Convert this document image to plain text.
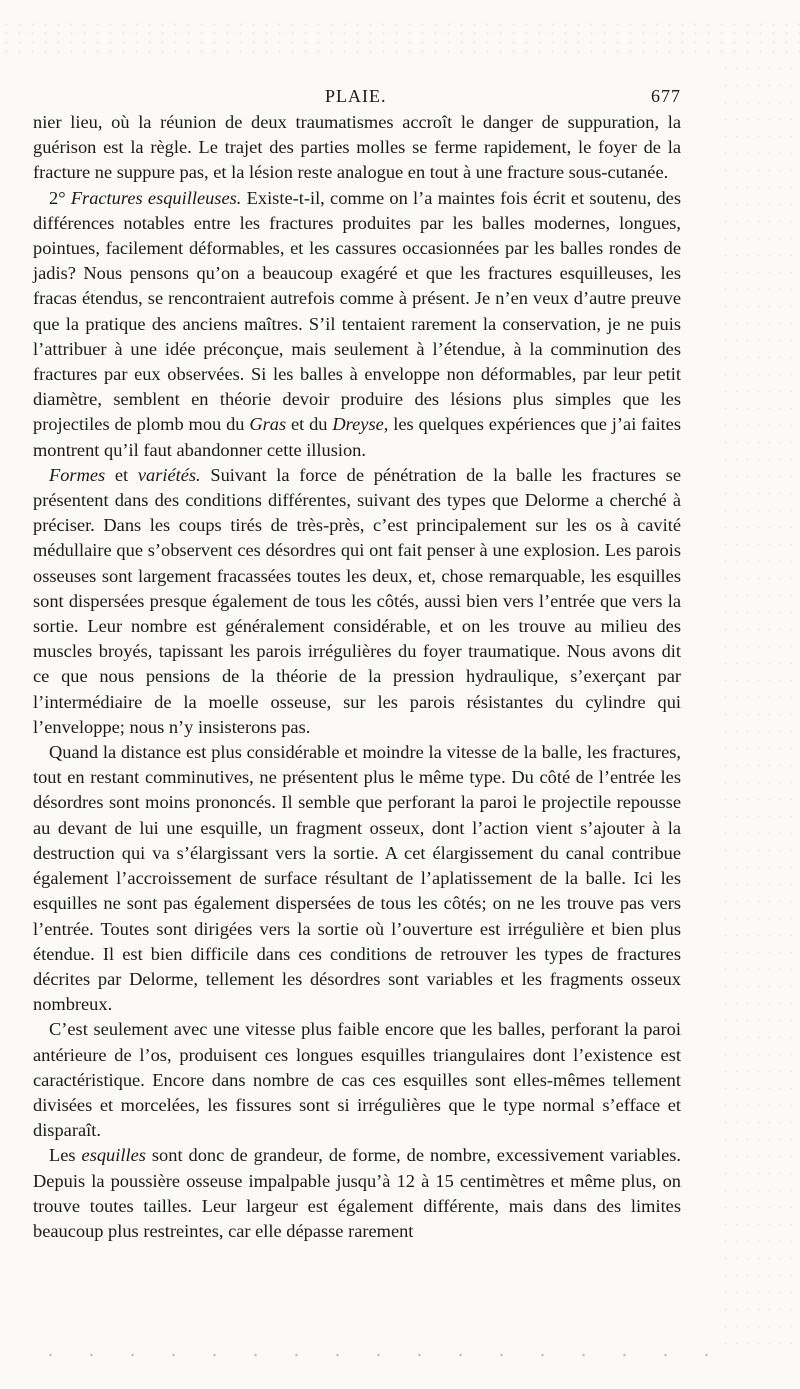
PLAIE.	677

nier lieu, où la réunion de deux traumatismes accroît le danger de suppuration, la guérison est la règle. Le trajet des parties molles se ferme rapidement, le foyer de la fracture ne suppure pas, et la lésion reste analogue en tout à une fracture sous-cutanée.

2° Fractures esquilleuses. Existe-t-il, comme on l’a maintes fois écrit et soutenu, des différences notables entre les fractures produites par les balles modernes, longues, pointues, facilement déformables, et les cassures occasionnées par les balles rondes de jadis? Nous pensons qu’on a beaucoup exagéré et que les fractures esquilleuses, les fracas étendus, se rencontraient autrefois comme à présent. Je n’en veux d’autre preuve que la pratique des anciens maîtres. S’il tentaient rarement la conservation, je ne puis l’attribuer à une idée préconçue, mais seulement à l’étendue, à la comminution des fractures par eux observées. Si les balles à enveloppe non déformables, par leur petit diamètre, semblent en théorie devoir produire des lésions plus simples que les projectiles de plomb mou du Gras et du Dreyse, les quelques expériences que j’ai faites montrent qu’il faut abandonner cette illusion.

Formes et variétés. Suivant la force de pénétration de la balle les fractures se présentent dans des conditions différentes, suivant des types que Delorme a cherché à préciser. Dans les coups tirés de très-près, c’est principalement sur les os à cavité médullaire que s’observent ces désordres qui ont fait penser à une explosion. Les parois osseuses sont largement fracassées toutes les deux, et, chose remarquable, les esquilles sont dispersées presque également de tous les côtés, aussi bien vers l’entrée que vers la sortie. Leur nombre est généralement considérable, et on les trouve au milieu des muscles broyés, tapissant les parois irrégulières du foyer traumatique. Nous avons dit ce que nous pensions de la théorie de la pression hydraulique, s’exerçant par l’intermédiaire de la moelle osseuse, sur les parois résistantes du cylindre qui l’enveloppe; nous n’y insisterons pas.

Quand la distance est plus considérable et moindre la vitesse de la balle, les fractures, tout en restant comminutives, ne présentent plus le même type. Du côté de l’entrée les désordres sont moins prononcés. Il semble que perforant la paroi le projectile repousse au devant de lui une esquille, un fragment osseux, dont l’action vient s’ajouter à la destruction qui va s’élargissant vers la sortie. A cet élargissement du canal contribue également l’accroissement de surface résultant de l’aplatissement de la balle. Ici les esquilles ne sont pas également dispersées de tous les côtés; on ne les trouve pas vers l’entrée. Toutes sont dirigées vers la sortie où l’ouverture est irrégulière et bien plus étendue. Il est bien difficile dans ces conditions de retrouver les types de fractures décrites par Delorme, tellement les désordres sont variables et les fragments osseux nombreux.

C’est seulement avec une vitesse plus faible encore que les balles, perforant la paroi antérieure de l’os, produisent ces longues esquilles triangulaires dont l’existence est caractéristique. Encore dans nombre de cas ces esquilles sont elles-mêmes tellement divisées et morcelées, les fissures sont si irrégulières que le type normal s’efface et disparaît.

Les esquilles sont donc de grandeur, de forme, de nombre, excessivement variables. Depuis la poussière osseuse impalpable jusqu’à 12 à 15 centimètres et même plus, on trouve toutes tailles. Leur largeur est également différente, mais dans des limites beaucoup plus restreintes, car elle dépasse rarement
